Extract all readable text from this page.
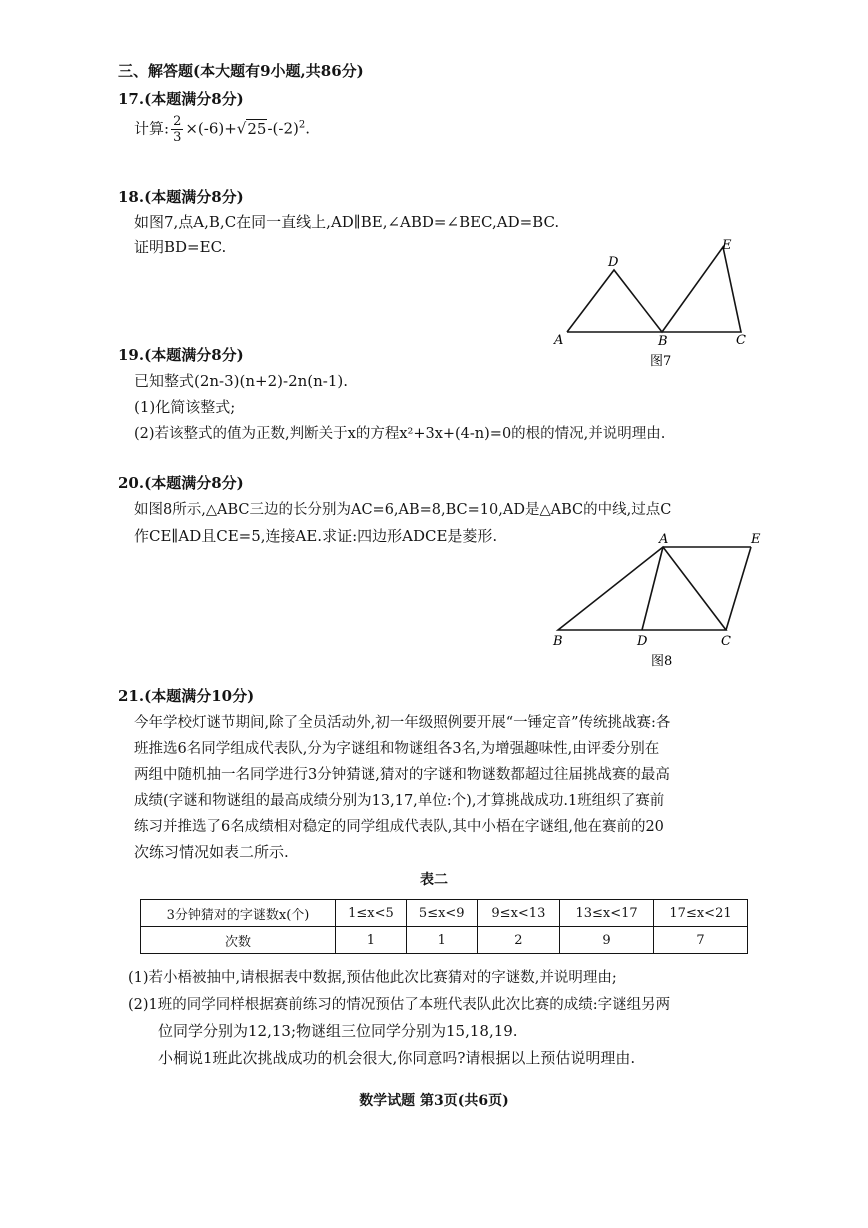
三、解答题(本大题有9小题,共86分)
17.(本题满分8分)
计算: $\frac{2}{3} \times(-6)+√25-(-2)^2$.
18.(本题满分8分)
如图7,点A,B,C在同一直线上,AD∥BE,∠ABD=∠BEC,AD=BC.
证明BD=EC.
A	B	C
D
E
图7
19.(本题满分8分)
已知整式(2n-3)(n+2)-2n(n-1).
(1)化简该整式;
(2)若该整式的值为正数,判断关于x的方程x²+3x+(4-n)=0的根的情况,并说明理由.
20.(本题满分8分)
如图8所示,△ABC三边的长分别为AC=6,AB=8,BC=10,AD是△ABC的中线,过点C
作CE∥AD且CE=5,连接AE.求证:四边形ADCE是菱形.	A
B	D	C
E
图8
21.(本题满分10分)
今年学校灯谜节期间,除了全员活动外,初一年级照例要开展“一锤定音”传统挑战赛:各
班推选6名同学组成代表队,分为字谜组和物谜组各3名,为增强趣味性,由评委分别在
两组中随机抽一名同学进行3分钟猜谜,猜对的字谜和物谜数都超过往届挑战赛的最高
成绩(字谜和物谜组的最高成绩分别为13,17,单位:个),才算挑战成功.1班组织了赛前
练习并推选了6名成绩相对稳定的同学组成代表队,其中小梧在字谜组,他在赛前的20
次练习情况如表二所示.
表二
3分钟猜对的字谜数x(个)	1≤x<5	5≤x<9	9≤x<13	13≤x<17	17≤x<21
次数	1	1	2	9	7
(1)若小梧被抽中,请根据表中数据,预估他此次比赛猜对的字谜数,并说明理由;
(2)1班的同学同样根据赛前练习的情况预估了本班代表队此次比赛的成绩:字谜组另两
位同学分别为12,13;物谜组三位同学分别为15,18,19.
小桐说1班此次挑战成功的机会很大,你同意吗?请根据以上预估说明理由.
数学试题 第3页(共6页)
